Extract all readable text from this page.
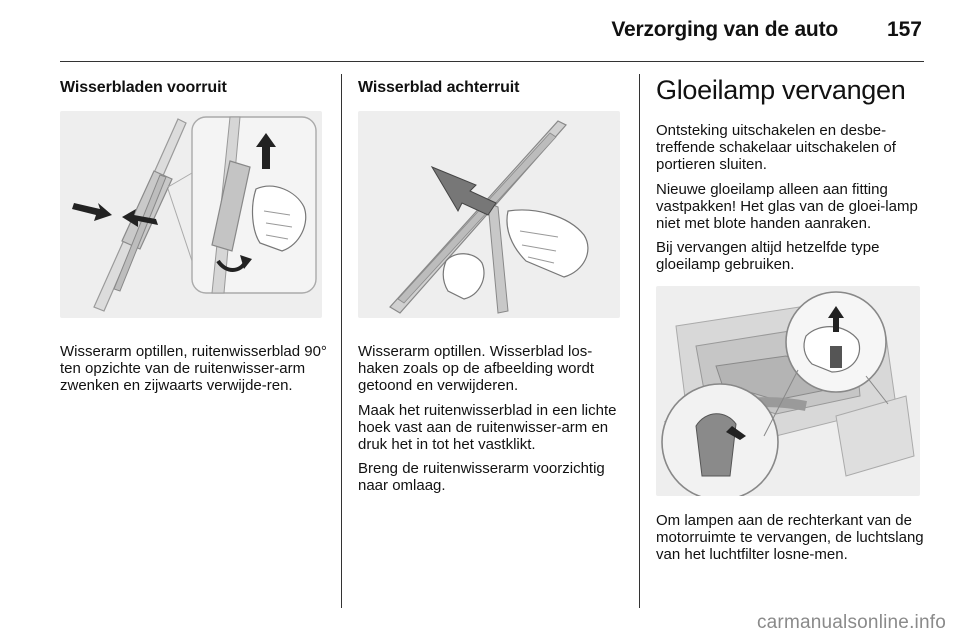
Verzorging van de auto 157
Wisserbladen voorruit

Wisserarm optillen, ruitenwisserblad 90° ten opzichte van de ruitenwisser-arm zwenken en zijwaarts verwijde-ren.

Wisserblad achterruit

Wisserarm optillen. Wisserblad los-haken zoals op de afbeelding wordt getoond en verwijderen.

Maak het ruitenwisserblad in een lichte hoek vast aan de ruitenwisser-arm en druk het in tot het vastklikt.

Breng de ruitenwisserarm voorzichtig naar omlaag.

Gloeilamp vervangen

Ontsteking uitschakelen en desbe-treffende schakelaar uitschakelen of portieren sluiten.

Nieuwe gloeilamp alleen aan fitting vastpakken! Het glas van de gloei-lamp niet met blote handen aanraken.

Bij vervangen altijd hetzelfde type gloeilamp gebruiken.

Om lampen aan de rechterkant van de motorruimte te vervangen, de luchtslang van het luchtfilter losne-men.

carmanualsonline.info
